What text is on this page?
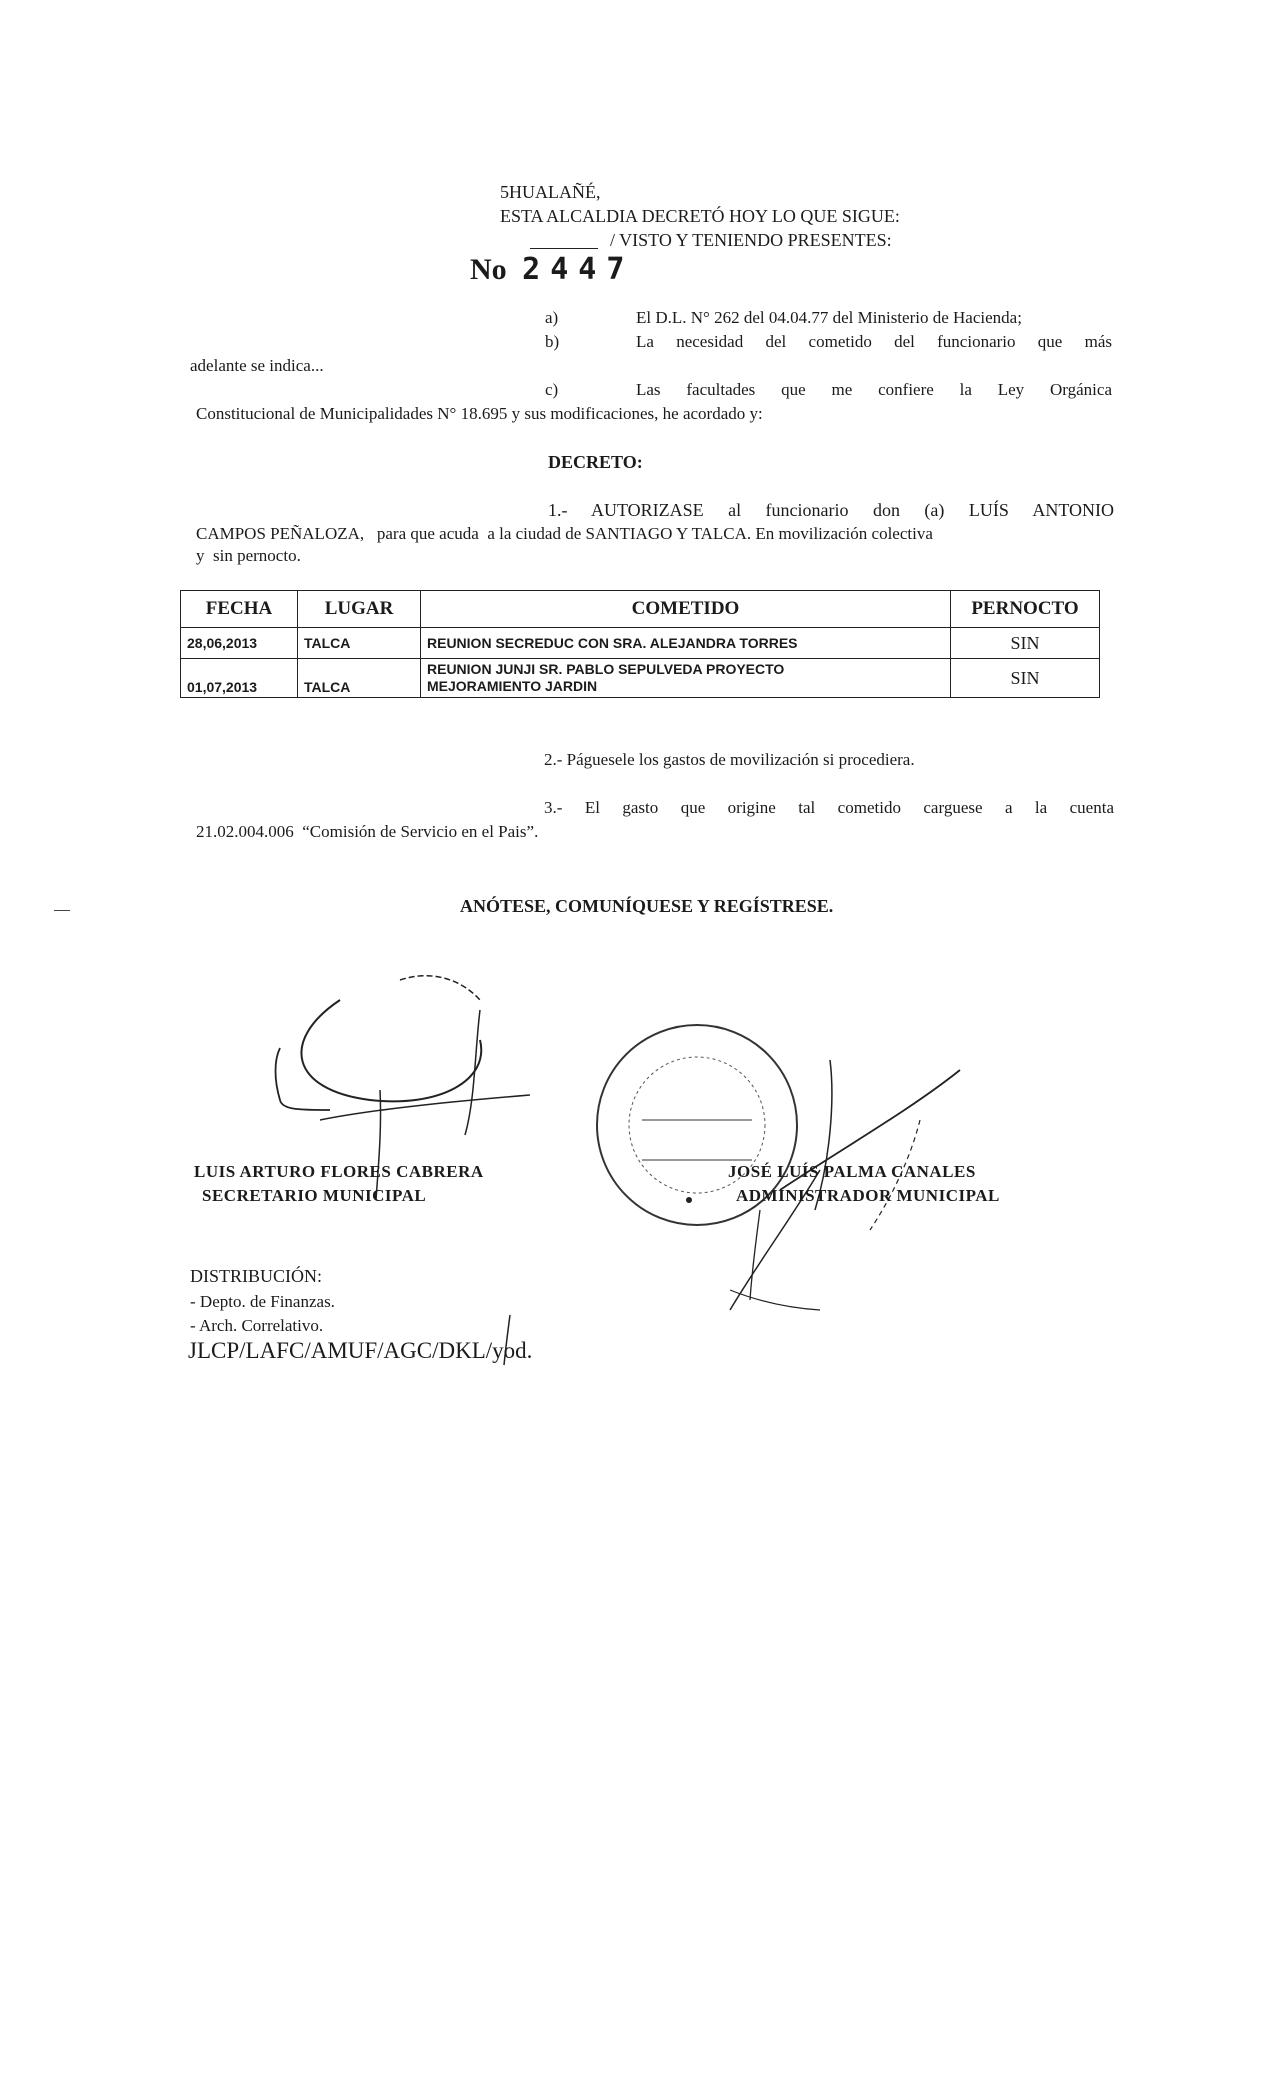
5HUALAÑÉ,
ESTA ALCALDIA DECRETÓ HOY LO QUE SIGUE:
/ VISTO Y TENIENDO PRESENTES:
No 2447
a)	El D.L. N° 262 del 04.04.77 del Ministerio de Hacienda;
b)	La necesidad del cometido del funcionario que más
adelante se indica...
c)	Las facultades que me confiere la Ley Orgánica
Constitucional de Municipalidades N° 18.695 y sus modificaciones, he acordado y:
DECRETO:
1.- AUTORIZASE al funcionario don (a) LUÍS ANTONIO
CAMPOS PEÑALOZA,   para que acuda  a la ciudad de SANTIAGO Y TALCA. En movilización colectiva
y  sin pernocto.
FECHA	LUGAR	COMETIDO	PERNOCTO
28,06,2013	TALCA	REUNION SECREDUC CON SRA. ALEJANDRA TORRES	SIN
01,07,2013	TALCA	REUNION JUNJI SR. PABLO SEPULVEDA PROYECTO
MEJORAMIENTO JARDIN	SIN
2.- Páguesele los gastos de movilización si procediera.
3.- El gasto que origine tal cometido carguese a la cuenta
21.02.004.006  “Comisión de Servicio en el Pais”.
ANÓTESE, COMUNÍQUESE Y REGÍSTRESE.
LUIS ARTURO FLORES CABRERA
SECRETARIO MUNICIPAL
JOSÉ LUÍS PALMA CANALES
ADMINISTRADOR MUNICIPAL
DISTRIBUCIÓN:
- Depto. de Finanzas.
- Arch. Correlativo.
JLCP/LAFC/AMUF/AGC/DKL/yod.
